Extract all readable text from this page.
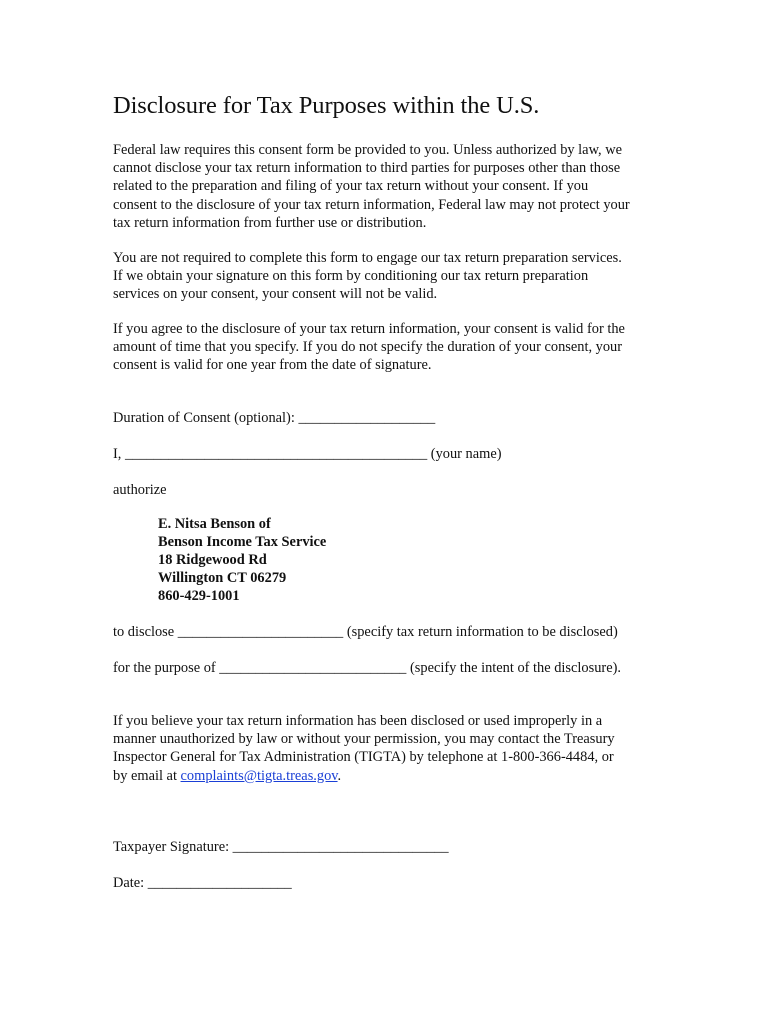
Disclosure for Tax Purposes within the U.S.

Federal law requires this consent form be provided to you. Unless authorized by law, we

cannot disclose your tax return information to third parties for purposes other than those

related to the preparation and filing of your tax return without your consent. If you

consent to the disclosure of your tax return information, Federal law may not protect your

tax return information from further use or distribution.

You are not required to complete this form to engage our tax return preparation services.

If we obtain your signature on this form by conditioning our tax return preparation

services on your consent, your consent will not be valid.

If you agree to the disclosure of your tax return information, your consent is valid for the

amount of time that you specify. If you do not specify the duration of your consent, your

consent is valid for one year from the date of signature.

Duration of Consent (optional): ___________________
I, __________________________________________ (your name)
authorize
E. Nitsa Benson of
Benson Income Tax Service
18 Ridgewood Rd
Willington CT 06279
860-429-1001
to disclose _______________________ (specify tax return information to be disclosed)
for the purpose of __________________________ (specify the intent of the disclosure).

If you believe your tax return information has been disclosed or used improperly in a

manner unauthorized by law or without your permission, you may contact the Treasury

Inspector General for Tax Administration (TIGTA) by telephone at 1-800-366-4484, or

by email at complaints@tigta.treas.gov.

Taxpayer Signature: ______________________________
Date: ____________________
